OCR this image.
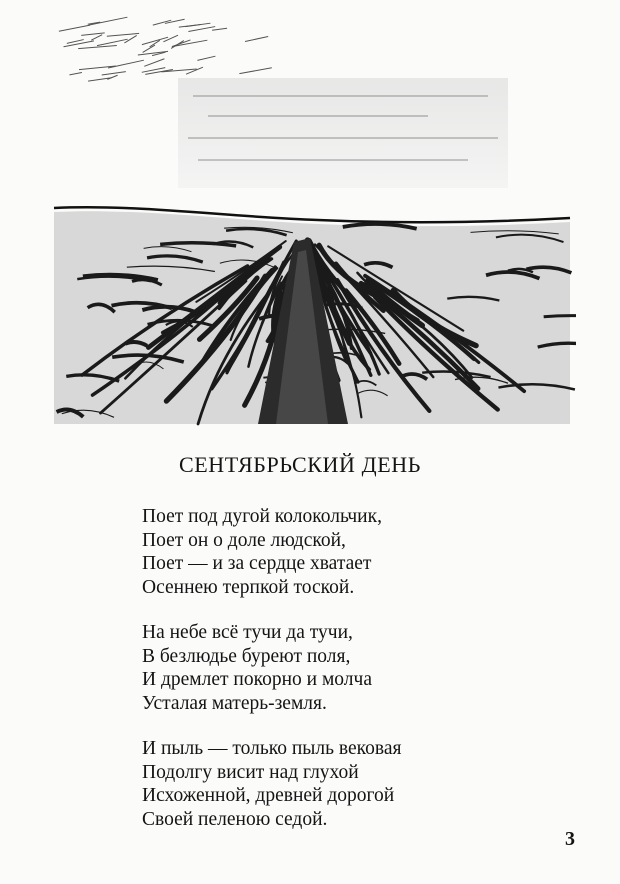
СЕНТЯБРЬСКИЙ ДЕНЬ
Поет под дугой колокольчик,
Поет он о доле людской,
Поет — и за сердце хватает
Осеннею терпкой тоской.
На небе всё тучи да тучи,
В безлюдье буреют поля,
И дремлет покорно и молча
Усталая матерь-земля.
И пыль — только пыль вековая
Подолгу висит над глухой
Исхоженной, древней дорогой
Своей пеленою седой.
3
